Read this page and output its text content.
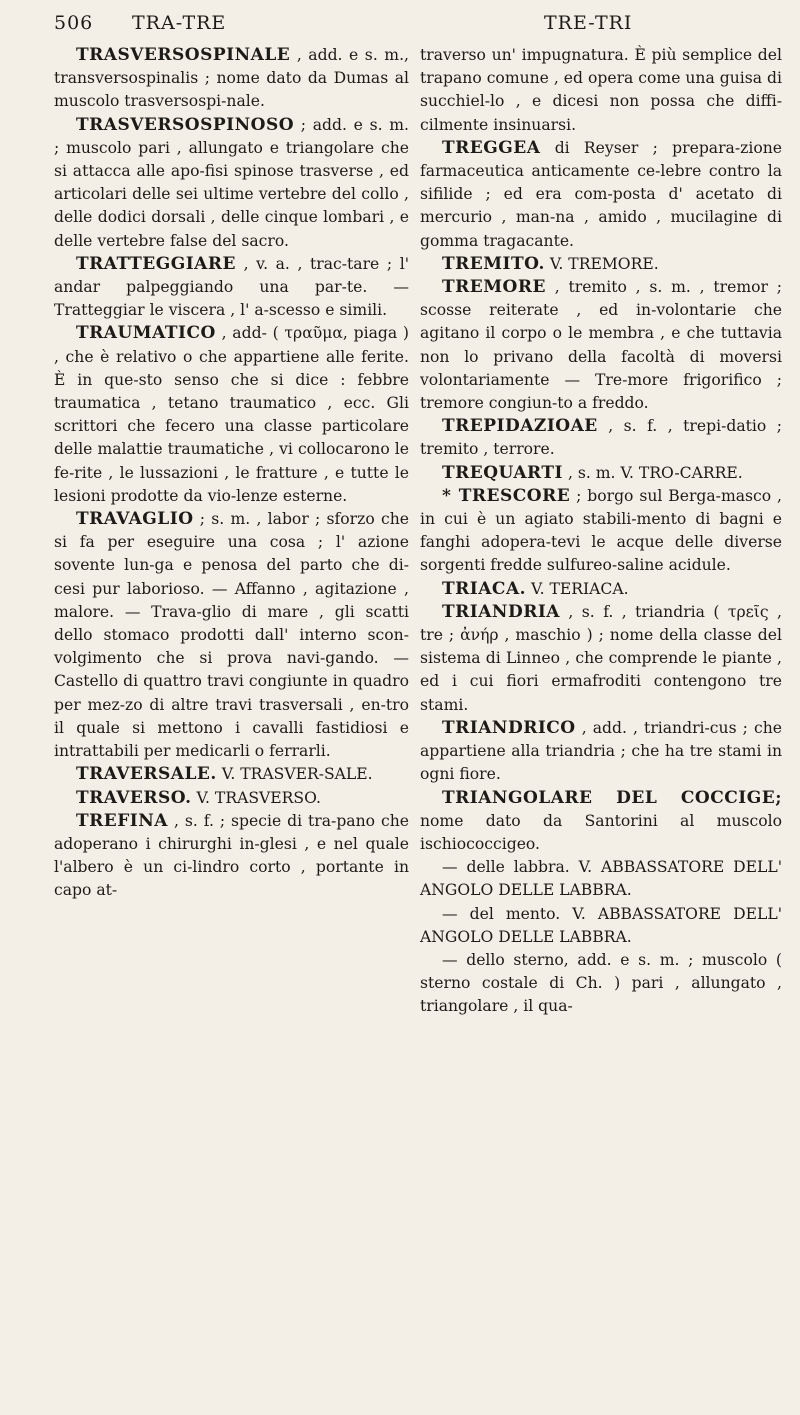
506 TRA-TRE	TRE-TRI

TRASVERSOSPINALE , add. e s. m., transversospinalis ; nome dato da Dumas al muscolo trasversospi-nale.

TRASVERSOSPINOSO ; add. e s. m. ; muscolo pari , allungato e triangolare che si attacca alle apo-fisi spinose trasverse , ed articolari delle sei ultime vertebre del collo , delle dodici dorsali , delle cinque lombari , e delle vertebre false del sacro.

TRATTEGGIARE , v. a. , trac-tare ; l' andar palpeggiando una par-te. — Tratteggiar le viscera , l' a-scesso e simili.

TRAUMATICO , add- ( τραῦμα, piaga ) , che è relativo o che appartiene alle ferite. È in que-sto senso che si dice : febbre traumatica , tetano traumatico , ecc. Gli scrittori che fecero una classe particolare delle malattie traumatiche , vi collocarono le fe-rite , le lussazioni , le fratture , e tutte le lesioni prodotte da vio-lenze esterne.

TRAVAGLIO ; s. m. , labor ; sforzo che si fa per eseguire una cosa ; l' azione sovente lun-ga e penosa del parto che di-cesi pur laborioso. — Affanno , agitazione , malore. — Trava-glio di mare , gli scatti dello stomaco prodotti dall' interno scon-volgimento che si prova navi-gando. — Castello di quattro travi congiunte in quadro per mez-zo di altre travi trasversali , en-tro il quale si mettono i cavalli fastidiosi e intrattabili per medicarli o ferrarli.

TRAVERSALE. V. TRASVER-SALE.

TRAVERSO. V. TRASVERSO.

TREFINA , s. f. ; specie di tra-pano che adoperano i chirurghi in-glesi , e nel quale l'albero è un ci-lindro corto , portante in capo at-

traverso un' impugnatura. È più semplice del trapano comune , ed opera come una guisa di succhiel-lo , e dicesi non possa che diffi-cilmente insinuarsi.

TREGGEA di Reyser ; prepara-zione farmaceutica anticamente ce-lebre contro la sifilide ; ed era com-posta d' acetato di mercurio , man-na , amido , mucilagine di gomma tragacante.

TREMITO. V. TREMORE.

TREMORE , tremito , s. m. , tremor ; scosse reiterate , ed in-volontarie che agitano il corpo o le membra , e che tuttavia non lo privano della facoltà di moversi volontariamente — Tre-more frigorifico ; tremore congiun-to a freddo.

TREPIDAZIOAE , s. f. , trepi-datio ; tremito , terrore.

TREQUARTI , s. m. V. TRO-CARRE.

* TRESCORE ; borgo sul Berga-masco , in cui è un agiato stabili-mento di bagni e fanghi adopera-tevi le acque delle diverse sorgenti fredde sulfureo-saline acidule.

TRIACA. V. TERIACA.

TRIANDRIA , s. f. , triandria ( τρεῖς , tre ; ἀνήρ , maschio ) ; nome della classe del sistema di Linneo , che comprende le piante , ed i cui fiori ermafroditi contengono tre stami.

TRIANDRICO , add. , triandri-cus ; che appartiene alla triandria ; che ha tre stami in ogni fiore.

TRIANGOLARE DEL COCCIGE; nome dato da Santorini al muscolo ischiococcigeo.

— delle labbra. V. ABBASSATORE DELL' ANGOLO DELLE LABBRA.

— del mento. V. ABBASSATORE DELL' ANGOLO DELLE LABBRA.

— dello sterno, add. e s. m. ; muscolo ( sterno costale di Ch. ) pari , allungato , triangolare , il qua-
